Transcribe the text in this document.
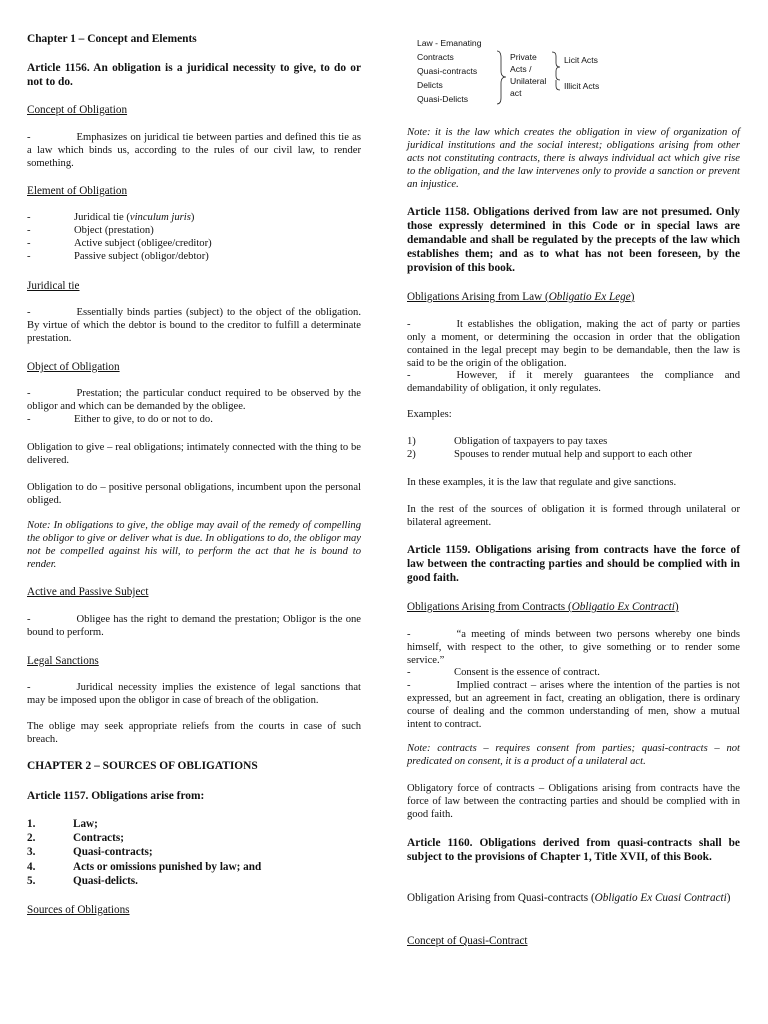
Chapter 1 – Concept and Elements
Article 1156. An obligation is a juridical necessity to give, to do or not to do.
Concept of Obligation
-	Emphasizes on juridical tie between parties and defined this tie as a law which binds us, according to the rules of our civil law, to render something.
Element of Obligation
-	Juridical tie (vinculum juris)
-	Object (prestation)
-	Active subject (obligee/creditor)
-	Passive subject (obligor/debtor)
Juridical tie
-	Essentially binds parties (subject) to the object of the obligation. By virtue of which the debtor is bound to the creditor to fulfill a determinate prestation.
Object of Obligation
-	Prestation; the particular conduct required to be observed by the obligor and which can be demanded by the obligee.
-	Either to give, to do or not to do.
Obligation to give – real obligations; intimately connected with the thing to be delivered.
Obligation to do – positive personal obligations, incumbent upon the personal obliged.
Note: In obligations to give, the oblige may avail of the remedy of compelling the obligor to give or deliver what is due. In obligations to do, the obligor may not be compelled against his will, to perform the act that he is bound to render.
Active and Passive Subject
-	Obligee has the right to demand the prestation; Obligor is the one bound to perform.
Legal Sanctions
-	Juridical necessity implies the existence of legal sanctions that may be imposed upon the obligor in case of breach of the obligation.
The oblige may seek appropriate reliefs from the courts in case of such breach.
CHAPTER 2 – SOURCES OF OBLIGATIONS
Article 1157. Obligations arise from:
1.	Law;
2.	Contracts;
3.	Quasi-contracts;
4.	Acts or omissions punished by law; and
5.	Quasi-delicts.
Sources of Obligations
Law - Emanating
Contracts
Quasi-contracts
Delicts
Quasi-Delicts
Private
Acts /
Unilateral
act
Licit Acts
Illicit Acts
Note: it is the law which creates the obligation in view of organization of juridical institutions and the social interest; obligations arising from other acts not constituting contracts, there is always individual act which give rise to the obligation, and the law intervenes only to provide a sanction or prevent an injustice.
Article 1158. Obligations derived from law are not presumed. Only those expressly determined in this Code or in special laws are demandable and shall be regulated by the precepts of the law which establishes them; and as to what has not been foreseen, by the provision of this book.
Obligations Arising from Law (Obligatio Ex Lege)
-	It establishes the obligation, making the act of party or parties only a moment, or determining the occasion in order that the obligation contained in the legal precept may begin to be demandable, then the law is said to be the origin of the obligation.
-	However, if it merely guarantees the compliance and demandability of obligation, it only regulates.
Examples:
1)	Obligation of taxpayers to pay taxes
2)	Spouses to render mutual help and support to each other
In these examples, it is the law that regulate and give sanctions.
In the rest of the sources of obligation it is formed through unilateral or bilateral agreement.
Article 1159. Obligations arising from contracts have the force of law between the contracting parties and should be complied with in good faith.
Obligations Arising from Contracts (Obligatio Ex Contracti)
-	“a meeting of minds between two persons whereby one binds himself, with respect to the other, to give something or to render some service.”
-	Consent is the essence of contract.
-	Implied contract – arises where the intention of the parties is not expressed, but an agreement in fact, creating an obligation, there is ordinary course of dealing and the common understanding of men, show a mutual intent to contract.
Note: contracts – requires consent from parties; quasi-contracts – not predicated on consent, it is a product of a unilateral act.
Obligatory force of contracts – Obligations arising from contracts have the force of law between the contracting parties and should be complied with in good faith.
Article 1160. Obligations derived from quasi-contracts shall be subject to the provisions of Chapter 1, Title XVII, of this Book.
Obligation Arising from Quasi-contracts (Obligatio Ex Cuasi Contracti)
Concept of Quasi-Contract
